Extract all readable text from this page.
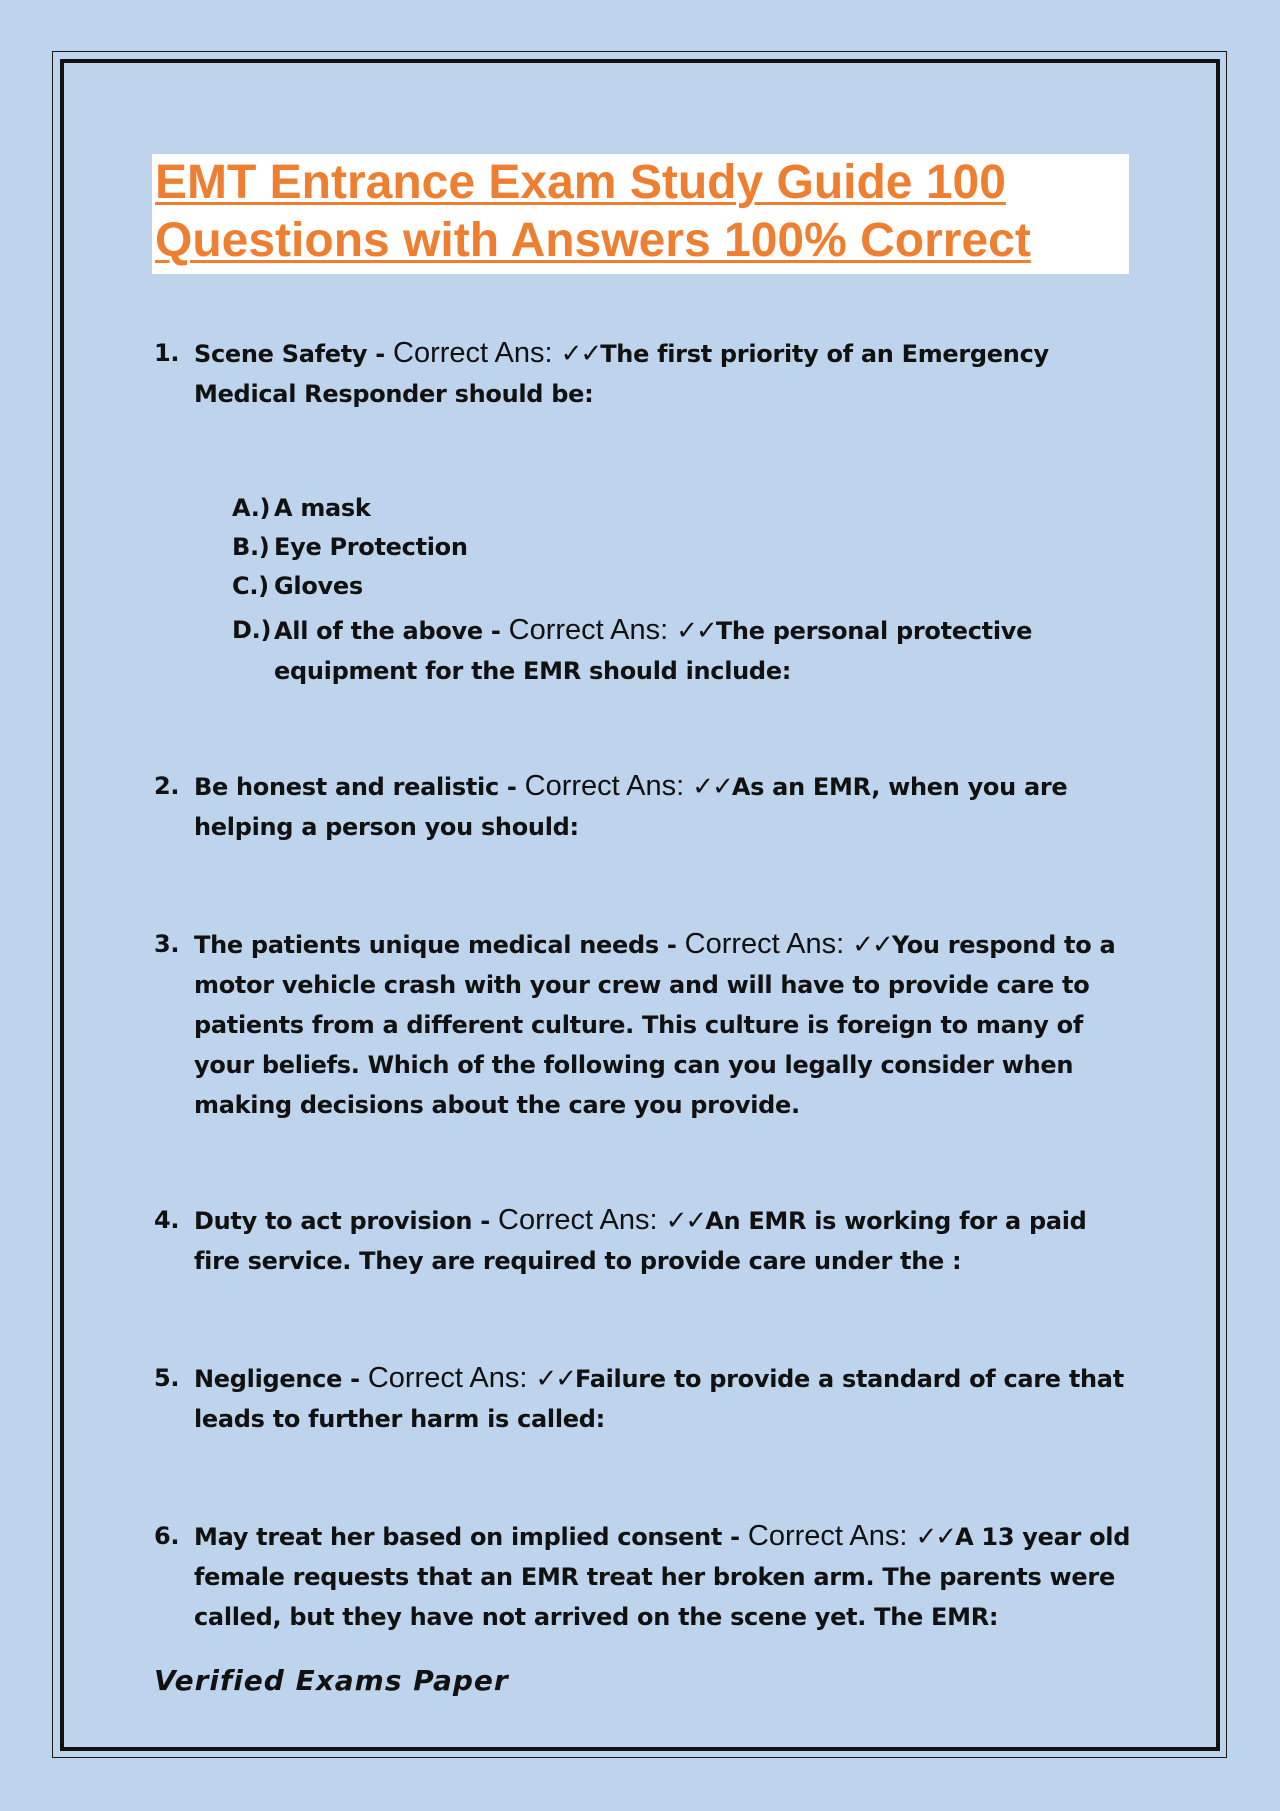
EMT Entrance Exam Study Guide 100 Questions with Answers 100% Correct
1. Scene Safety - Correct Ans: ✓✓The first priority of an Emergency Medical Responder should be:
A.) A mask
B.) Eye Protection
C.) Gloves
D.) All of the above - Correct Ans: ✓✓The personal protective equipment for the EMR should include:
2. Be honest and realistic - Correct Ans: ✓✓As an EMR, when you are helping a person you should:
3. The patients unique medical needs - Correct Ans: ✓✓You respond to a motor vehicle crash with your crew and will have to provide care to patients from a different culture. This culture is foreign to many of your beliefs. Which of the following can you legally consider when making decisions about the care you provide.
4. Duty to act provision - Correct Ans: ✓✓An EMR is working for a paid fire service. They are required to provide care under the :
5. Negligence - Correct Ans: ✓✓Failure to provide a standard of care that leads to further harm is called:
6. May treat her based on implied consent - Correct Ans: ✓✓A 13 year old female requests that an EMR treat her broken arm. The parents were called, but they have not arrived on the scene yet. The EMR:
Verified Exams Paper
